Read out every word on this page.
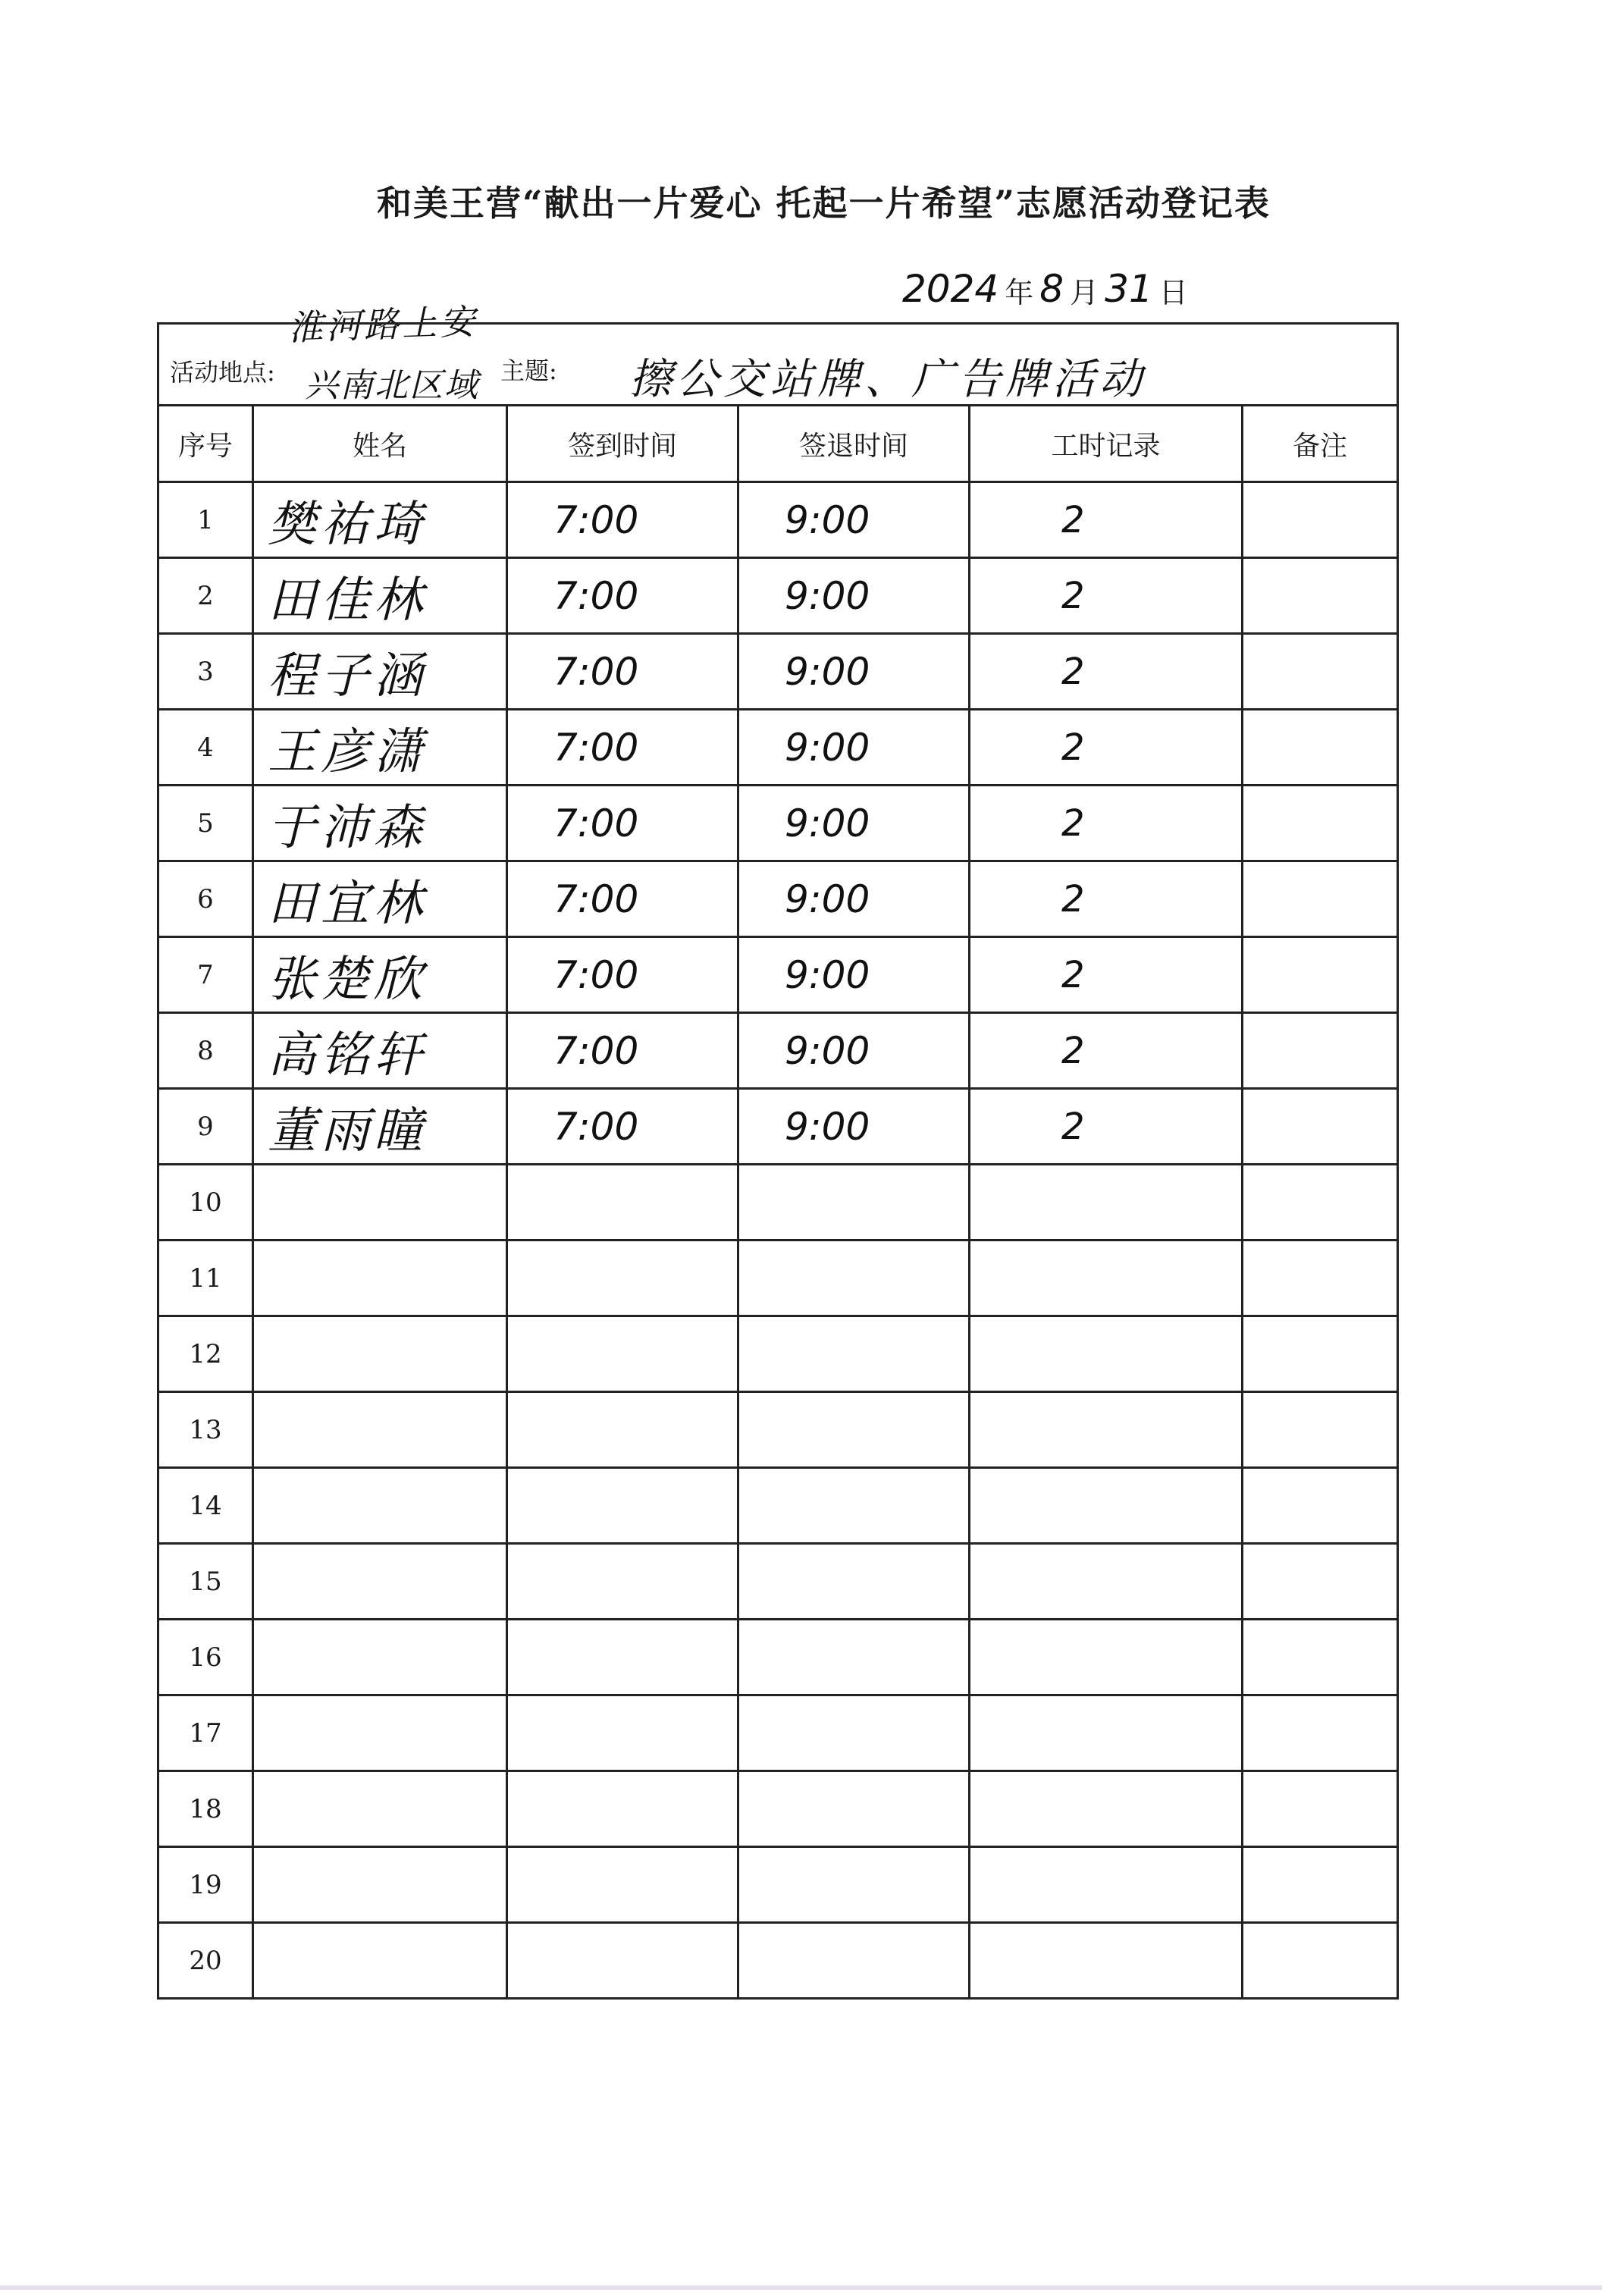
和美王营“献出一片爱心 托起一片希望”志愿活动登记表
2024 年 8 月 31 日
淮河路上安
活动地点: 兴南北区域 主题: 擦公交站牌、广告牌活动					

序号	姓名	签到时间	签退时间	工时记录	备注
1	樊祐琦	7:00	9:00	2	
2	田佳林	7:00	9:00	2	
3	程子涵	7:00	9:00	2	
4	王彦潇	7:00	9:00	2	
5	于沛森	7:00	9:00	2	
6	田宜林	7:00	9:00	2	
7	张楚欣	7:00	9:00	2	
8	高铭轩	7:00	9:00	2	
9	董雨瞳	7:00	9:00	2	
10					
11					
12					
13					
14					
15					
16					
17					
18					
19					
20					
